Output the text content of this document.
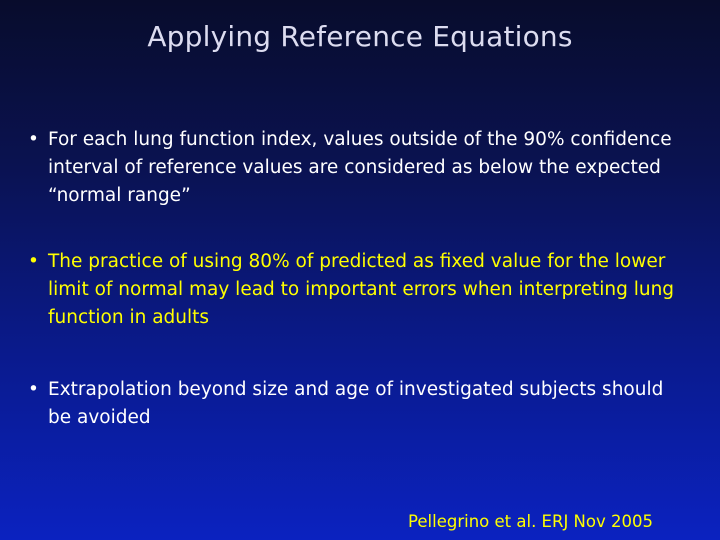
Applying Reference Equations
• For each lung function index, values outside of the 90% confidence interval of reference values are considered as below the expected “normal range”
• The practice of using 80% of predicted as fixed value for the lower limit of normal may lead to important errors when interpreting lung function in adults
• Extrapolation beyond size and age of investigated subjects should be avoided
Pellegrino et al. ERJ Nov 2005
